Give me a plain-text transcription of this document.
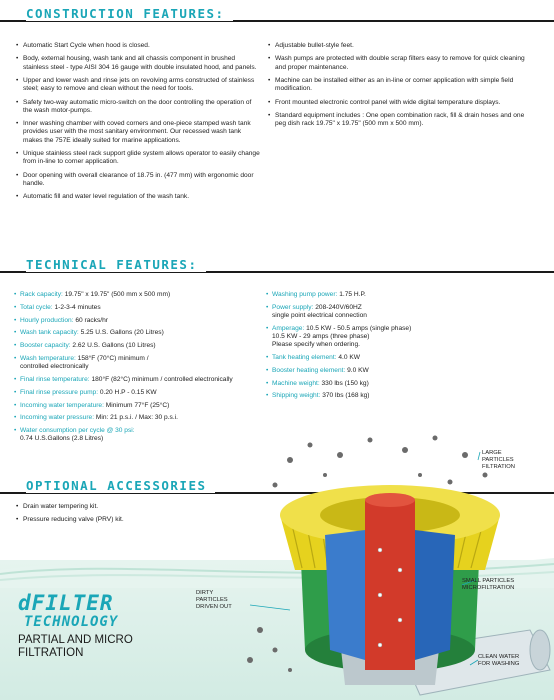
CONSTRUCTION FEATURES:
• Automatic Start Cycle when hood is closed.
• Body, external housing, wash tank and all chassis component in brushed stainless steel - type AISI 304 16 gauge with double insulated hood, and panels.
• Upper and lower wash and rinse jets on revolving arms constructed of stainless steel; easy to remove and clean without the need for tools.
• Safety two-way automatic micro-switch on the door controlling the operation of the wash motor-pumps.
• Inner washing chamber with coved corners and one-piece stamped wash tank provides user with the most sanitary environment. Our recessed wash tank makes the 757E ideally suited for marine applications.
• Unique stainless steel rack support glide system allows operator to easily change from in-line to corner application.
• Door opening with overall clearance of 18.75 in. (477 mm) with ergonomic door handle.
• Automatic fill and water level regulation of the wash tank.
• Adjustable bullet-style feet.
• Wash pumps are protected with double scrap filters easy to remove for quick cleaning and proper maintenance.
• Machine can be installed either as an in-line or corner application with simple field modification.
• Front mounted electronic control panel with wide digital temperature displays.
• Standard equipment includes : One open combination rack, fill & drain hoses and one peg dish rack 19.75" x 19.75" (500 mm x 500 mm).
TECHNICAL FEATURES:
• Rack capacity: 19.75" x 19.75" (500 mm x 500 mm)
• Total cycle: 1-2-3-4 minutes
• Hourly production: 60 racks/hr
• Wash tank capacity: 5.25 U.S. Gallons (20 Litres)
• Booster capacity: 2.62 U.S. Gallons (10 Litres)
• Wash temperature: 158°F (70°C) minimum /
controlled electronically
• Final rinse temperature: 180°F (82°C) minimum / controlled electronically
• Final rinse pressure pump: 0.20 H.P - 0.15 KW
• Incoming water temperature: Minimum 77°F (25°C)
• Incoming water pressure: Min: 21 p.s.i. / Max: 30 p.s.i.
• Water consumption per cycle @ 30 psi:
0.74 U.S.Gallons (2.8 Litres)
• Washing pump power: 1.75 H.P.
• Power supply: 208-240V/60HZ
single point electrical connection
• Amperage: 10.5 KW - 50.5 amps (single phase)
10.5 KW - 29 amps (three phase)
Please specify when ordering.
• Tank heating element: 4.0 KW
• Booster heating element: 9.0 KW
• Machine weight: 330 lbs (150 kg)
• Shipping weight: 370 lbs (168 kg)
OPTIONAL ACCESSORIES
• Drain water tempering kit.
• Pressure reducing valve (PRV) kit.
dFILTER
TECHNOLOGY
PARTIAL AND MICRO
FILTRATION
LARGE
PARTICLES
FILTRATION
DIRTY
PARTICLES
DRIVEN OUT
SMALL PARTICLES
MICROFILTRATION
CLEAN WATER
FOR WASHING
